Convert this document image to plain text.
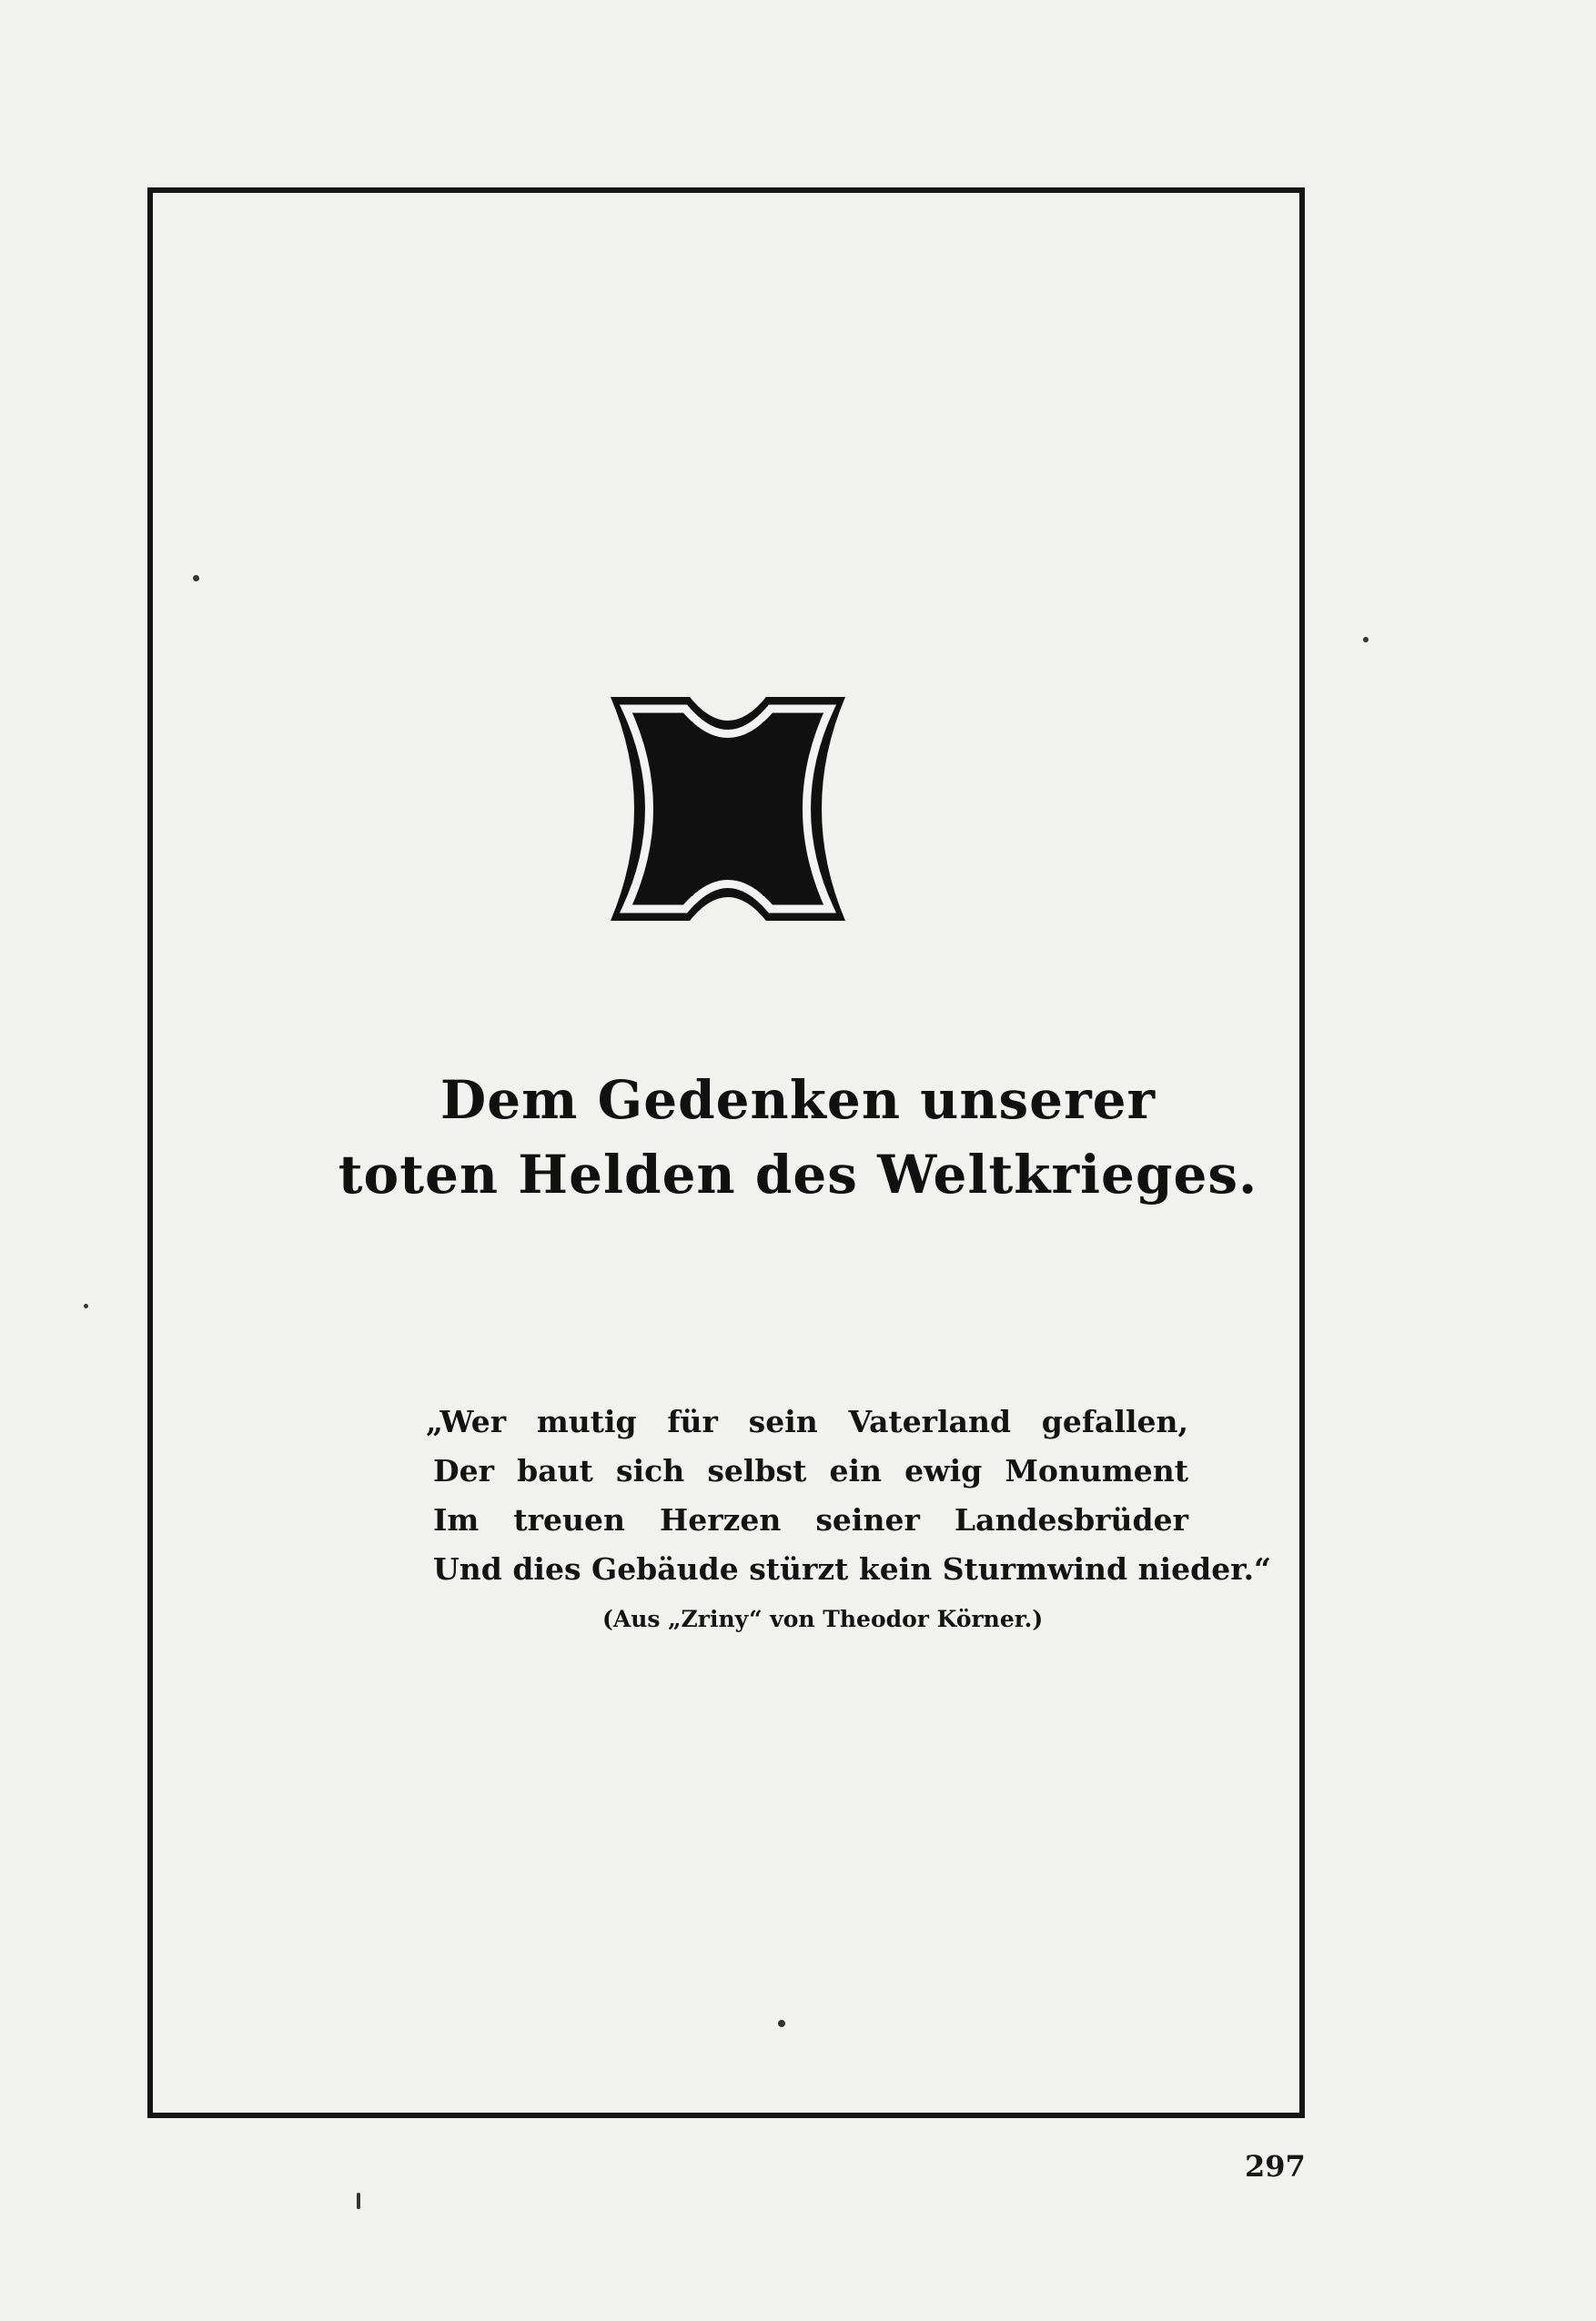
Dem Gedenken unserer
toten Helden des Weltkrieges.
„Wer mutig für sein Vaterland gefallen,
Der baut sich selbst ein ewig Monument
Im treuen Herzen seiner Landesbrüder
Und dies Gebäude stürzt kein Sturmwind nieder.“
(Aus „Zriny“ von Theodor Körner.)
297
